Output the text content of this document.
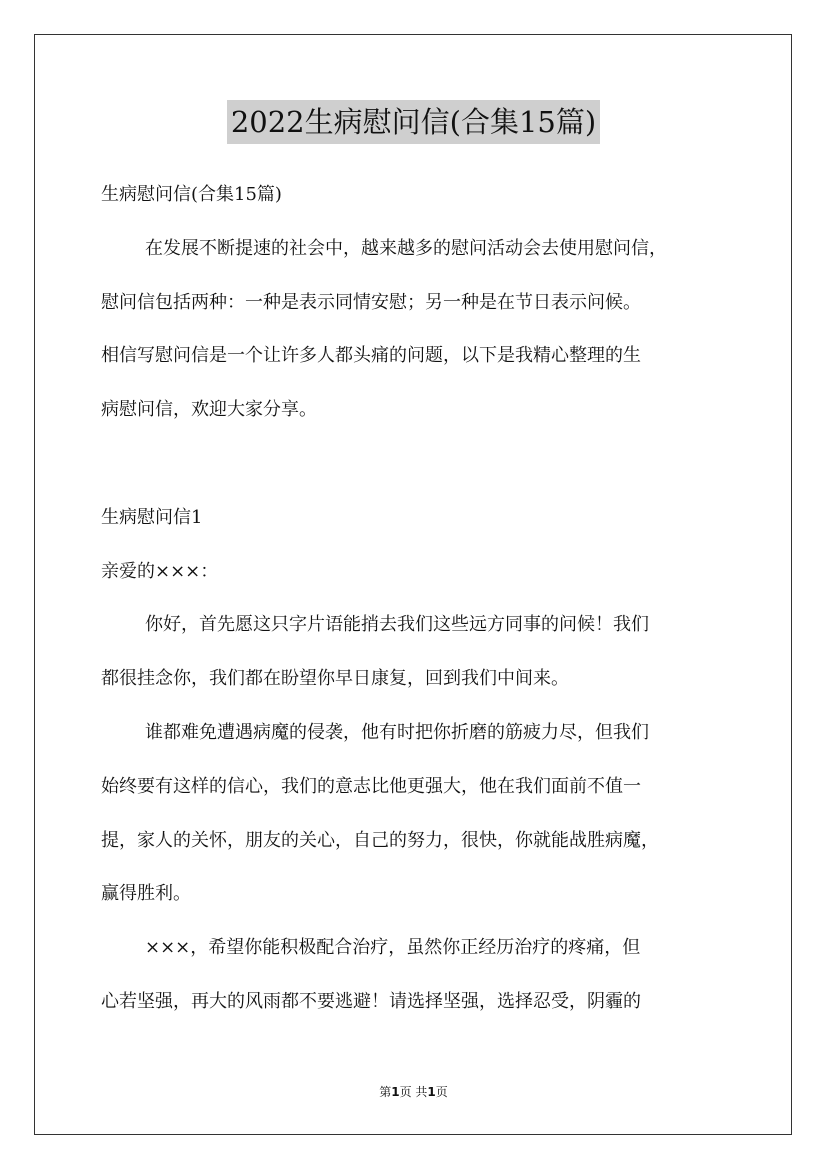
2022生病慰问信(合集15篇)
生病慰问信(合集15篇)
在发展不断提速的社会中，越来越多的慰问活动会去使用慰问信，
慰问信包括两种：一种是表示同情安慰；另一种是在节日表示问候。
相信写慰问信是一个让许多人都头痛的问题，以下是我精心整理的生
病慰问信，欢迎大家分享。
生病慰问信1
亲爱的×××：
你好，首先愿这只字片语能捎去我们这些远方同事的问候！我们
都很挂念你，我们都在盼望你早日康复，回到我们中间来。
谁都难免遭遇病魔的侵袭，他有时把你折磨的筋疲力尽，但我们
始终要有这样的信心，我们的意志比他更强大，他在我们面前不值一
提，家人的关怀，朋友的关心，自己的努力，很快，你就能战胜病魔，
赢得胜利。
×××，希望你能积极配合治疗，虽然你正经历治疗的疼痛，但
心若坚强，再大的风雨都不要逃避！请选择坚强，选择忍受，阴霾的
第1页 共1页
